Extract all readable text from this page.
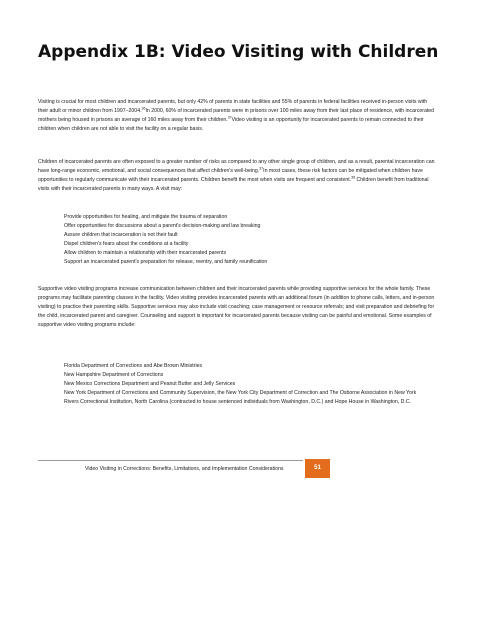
Appendix 1B: Video Visiting with Children

Visiting is crucial for most children and incarcerated parents, but only 42% of parents in state facilities and 55% of parents in federal facilities received in-person visits with their adult or minor children from 1997–2004.36In 2000, 60% of incarcerated parents were in prisons over 100 miles away from their last place of residence, with incarcerated mothers being housed in prisons an average of 160 miles away from their children.$^{37}$Video visiting is an opportunity for incarcerated parents to remain connected to their children when children are not able to visit the facility on a regular basis.

Children of incarcerated parents are often exposed to a greater number of risks as compared to any other single group of children, and as a result, parental incarceration can have long-range economic, emotional, and social consequences that affect children's well-being.$^{37}$In most cases, these risk factors can be mitigated when children have opportunities to regularly communicate with their incarcerated parents. Children benefit the most when visits are frequent and consistent.$^{38}$ Children benefit from traditional visits with their incarcerated parents in many ways. A visit may:

Provide opportunities for healing, and mitigate the trauma of separation
Offer opportunities for discussions about a parent's decision-making and law breaking
Assure children that incarceration is not their fault
Dispel children's fears about the conditions at a facility
Allow children to maintain a relationship with their incarcerated parents
Support an incarcerated parent's preparation for release, reentry, and family reunification

Supportive video visiting programs increase communication between children and their incarcerated parents while providing supportive services for the whole family. These programs may facilitate parenting classes in the facility. Video visiting provides incarcerated parents with an additional forum (in addition to phone calls, letters, and in-person visiting) to practice their parenting skills. Supportive services may also include visit coaching; case management or resource referrals; and visit preparation and debriefing for the child, incarcerated parent and caregiver. Counseling and support is important for incarcerated parents because visiting can be painful and emotional. Some examples of supportive video visiting programs include:

Florida Department of Corrections and Abe Brown Ministries
New Hampshire Department of Corrections
New Mexico Corrections Department and Peanut Butter and Jelly Services
New York Department of Corrections and Community Supervision, the New York City Department of Correction and The Osborne Association in New York
Rivers Correctional Institution, North Carolina (contracted to house sentenced individuals from Washington, D.C.) and Hope House in Washington, D.C.
Video Visiting in Corrections: Benefits, Limitations, and Implementation Considerations	51
